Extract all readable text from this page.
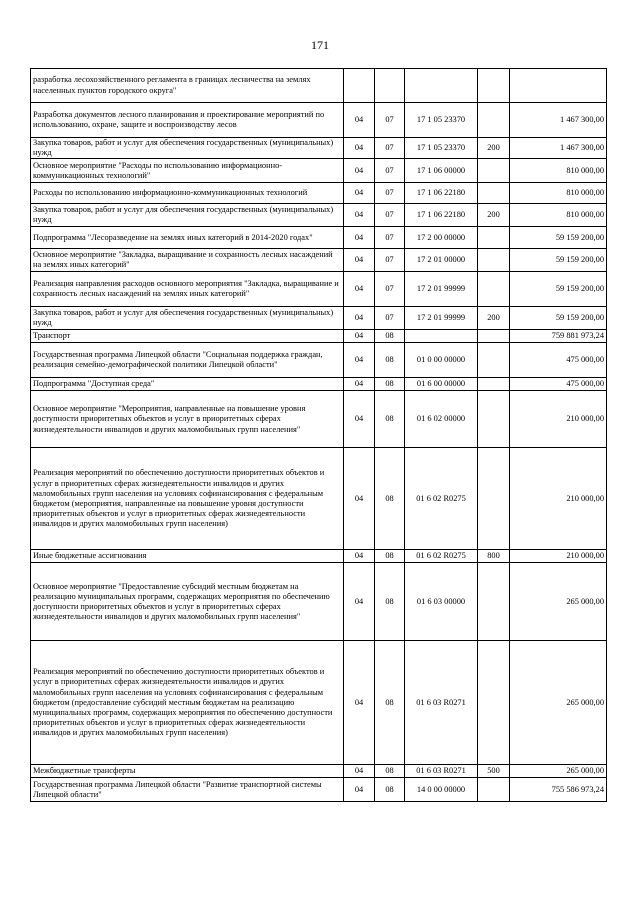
171
разработка лесохозяйственного регламента в границах лесничества на землях населенных пунктов городского округа"					
Разработка документов лесного планирования и проектирование мероприятий по использованию, охране, защите и воспроизводству лесов	04	07	17 1 05 23370		1 467 300,00
Закупка товаров, работ и услуг для обеспечения государственных (муниципальных) нужд	04	07	17 1 05 23370	200	1 467 300,00
Основное мероприятие "Расходы по использованию информационно-коммуникационных технологий"	04	07	17 1 06 00000		810 000,00
Расходы по использованию информационно-коммуникационных технологий	04	07	17 1 06 22180		810 000,00
Закупка товаров, работ и услуг для обеспечения государственных (муниципальных) нужд	04	07	17 1 06 22180	200	810 000,00
Подпрограмма "Лесоразведение на землях иных категорий в 2014-2020 годах"	04	07	17 2 00 00000		59 159 200,00
Основное мероприятие "Закладка, выращивание и сохранность лесных насаждений на землях иных категорий"	04	07	17 2 01 00000		59 159 200,00
Реализация направления расходов основного мероприятия "Закладка, выращивание и сохранность лесных насаждений на землях иных категорий"	04	07	17 2 01 99999		59 159 200,00
Закупка товаров, работ и услуг для обеспечения государственных (муниципальных) нужд	04	07	17 2 01 99999	200	59 159 200,00
Транспорт	04	08			759 881 973,24
Государственная программа Липецкой области "Социальная поддержка граждан, реализация семейно-демографической политики Липецкой области"	04	08	01 0 00 00000		475 000,00
Подпрограмма "Доступная среда"	04	08	01 6 00 00000		475 000,00
Основное мероприятие "Мероприятия, направленные на повышение уровня доступности приоритетных объектов и услуг в приоритетных сферах жизнедеятельности инвалидов и других маломобильных групп населения"	04	08	01 6 02 00000		210 000,00
Реализация мероприятий по обеспечению доступности приоритетных объектов и услуг в приоритетных сферах жизнедеятельности инвалидов и других маломобильных групп населения на условиях софинансирования с федеральным бюджетом (мероприятия, направленные на повышение уровня доступности приоритетных объектов и услуг в приоритетных сферах жизнедеятельности инвалидов и других маломобильных групп населения)	04	08	01 6 02 R0275		210 000,00
Иные бюджетные ассигнования	04	08	01 6 02 R0275	800	210 000,00
Основное мероприятие "Предоставление субсидий местным бюджетам на реализацию муниципальных программ, содержащих мероприятия по обеспечению доступности приоритетных объектов и услуг в приоритетных сферах жизнедеятельности инвалидов и других маломобильных групп населения"	04	08	01 6 03 00000		265 000,00
Реализация мероприятий по обеспечению доступности приоритетных объектов и услуг в приоритетных сферах жизнедеятельности инвалидов и других маломобильных групп населения на условиях софинансирования с федеральным бюджетом (предоставление субсидий местным бюджетам на реализацию муниципальных программ, содержащих мероприятия по обеспечению доступности приоритетных объектов и услуг в приоритетных сферах жизнедеятельности инвалидов и других маломобильных групп населения)	04	08	01 6 03 R0271		265 000,00
Межбюджетные трансферты	04	08	01 6 03 R0271	500	265 000,00
Государственная программа Липецкой области "Развитие транспортной системы Липецкой области"	04	08	14 0 00 00000		755 586 973,24
